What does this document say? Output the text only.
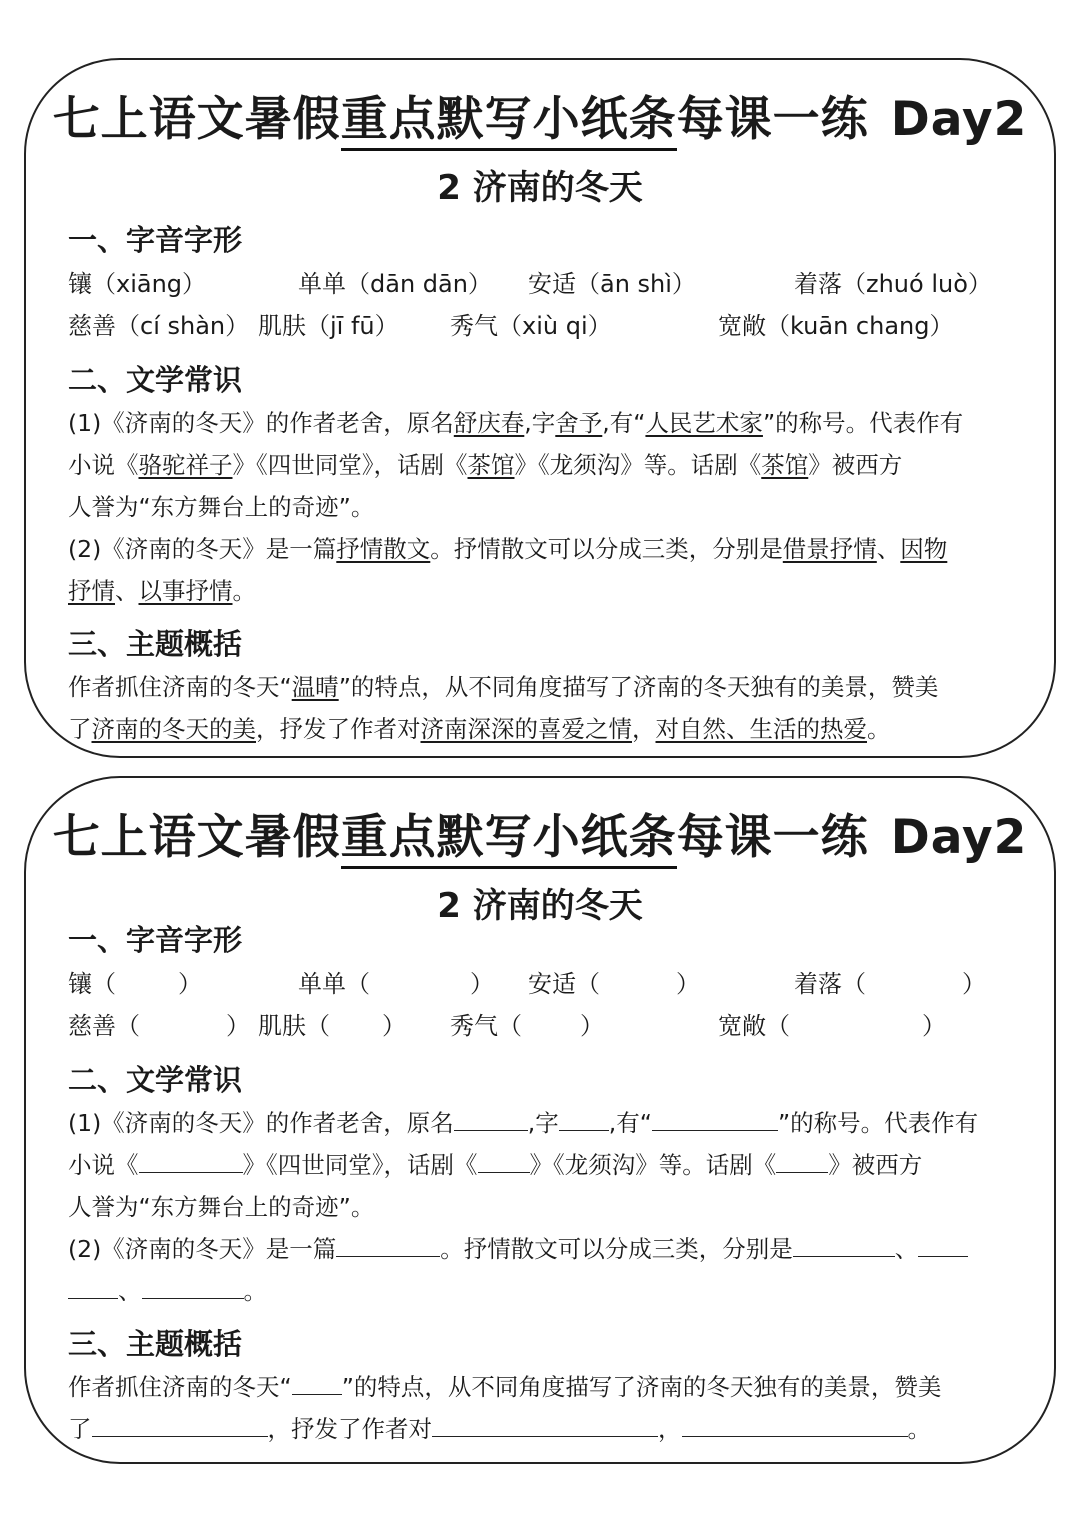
七上语文暑假重点默写小纸条每课一练 Day2
2 济南的冬天
一、字音字形
镶（xiāng）	单单（dān dān） 安适（ān shì）	着落（zhuó luò）
慈善（cí shàn） 肌肤（jī fū） 秀气（xiù qi）	宽敞（kuān chang）
二、文学常识
(1)《济南的冬天》的作者老舍，原名舒庆春,字舍予,有“人民艺术家”的称号。代表作有
小说《骆驼祥子》《四世同堂》，话剧《茶馆》《龙须沟》等。话剧《茶馆》被西方
人誉为“东方舞台上的奇迹”。
(2)《济南的冬天》是一篇抒情散文。抒情散文可以分成三类，分别是借景抒情、因物
抒情、以事抒情。
三、主题概括
作者抓住济南的冬天“温晴”的特点，从不同角度描写了济南的冬天独有的美景，赞美
了济南的冬天的美，抒发了作者对济南深深的喜爱之情，对自然、生活的热爱。
七上语文暑假重点默写小纸条每课一练 Day2
2 济南的冬天
一、字音字形
镶（	）	单单（	） 安适（	）	着落（	）
慈善（	） 肌肤（ ） 秀气（ ）	宽敞（	）
二、文学常识
(1)《济南的冬天》的作者老舍，原名	,字 ,有“	”的称号。代表作有
小说《	》《四世同堂》，话剧《 》《龙须沟》等。话剧《 》被西方
人誉为“东方舞台上的奇迹”。
(2)《济南的冬天》是一篇	。抒情散文可以分成三类，分别是	、
、	。
三、主题概括
作者抓住济南的冬天“ ”的特点，从不同角度描写了济南的冬天独有的美景，赞美
了	，抒发了作者对	，	。
